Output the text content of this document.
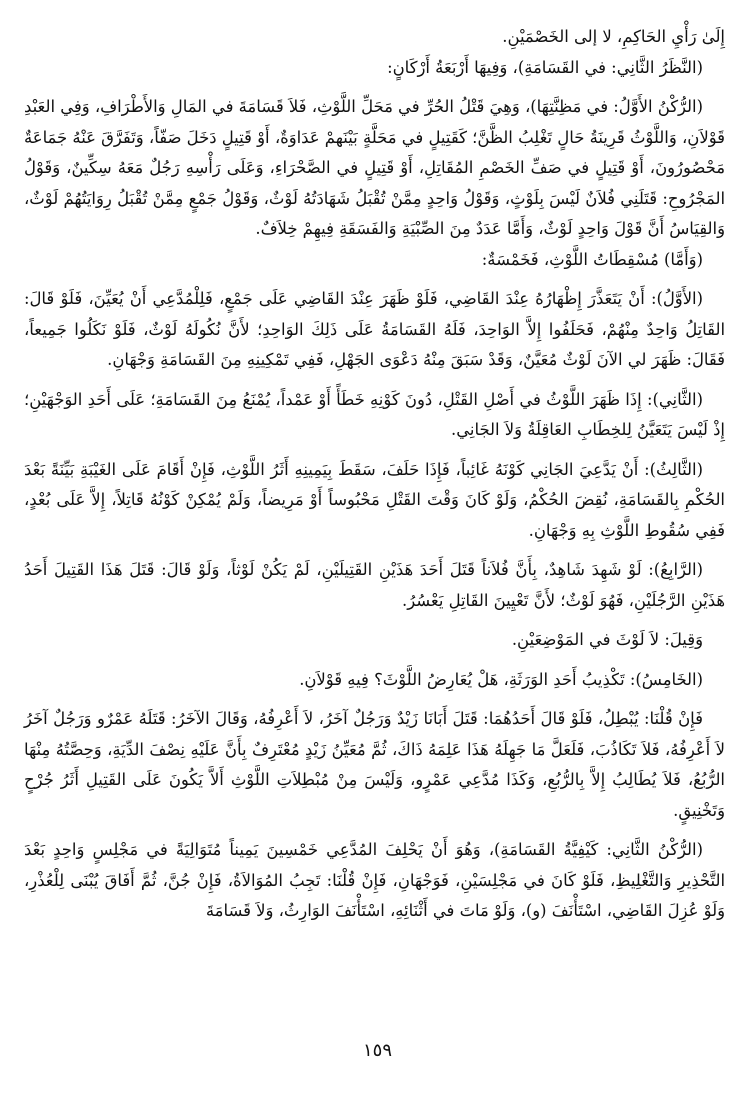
إِلَىٰ رَأْيِ الحَاكِمِ، لا إلى الخَصْمَيْنِ.

(النَّظَرُ الثَّانِي: في القَسَامَةِ)، وَفِيهَا أَرْبَعَةُ أَرْكَانٍ:

(الرُّكْنُ الأَوَّلُ: في مَظِنَّتِهَا)، وَهِيَ قَتْلُ الحُرِّ في مَحَلِّ اللَّوْثِ، فَلاَ قَسَامَةَ في المَالِ وَالأَطْرَافِ، وَفِي العَبْدِ قَوْلاَنِ، وَاللَّوْثُ قَرِينَةُ حَالٍ تَغْلِبُ الظَّنَّ؛ كَقَتِيلٍ في مَحَلَّةٍ بَيْنَهمْ عَدَاوَةٌ، أَوْ قَتِيلٍ دَخَلَ صَفّاً، وَتَفَرَّقَ عَنْهُ جَمَاعَةٌ مَحْصُورُونَ، أَوْ قَتِيلٍ في صَفِّ الخَصْمِ المُقَاتِلِ، أَوْ قَتِيلٍ في الصَّحْرَاءِ، وَعَلَى رَأْسِهِ رَجُلٌ مَعَهُ سِكِّينٌ، وَقَوْلُ المَجْرُوحِ: قَتَلَنِي فُلاَنٌ لَيْسَ بِلَوْثٍ، وَقَوْلُ وَاحِدٍ مِمَّنْ تُقْبَلُ شَهَادَتُهُ لَوْثٌ، وَقَوْلُ جَمْعٍ مِمَّنْ تُقْبَلُ رِوَايَتُهُمْ لَوْثٌ، وَالقِيَاسُ أَنَّ قَوْلَ وَاحِدٍ لَوْثٌ، وَأَمَّا عَدَدٌ مِنَ الصِّبْيَةِ وَالفَسَقَةِ فِيهِمْ خِلاَفٌ.

(وَأَمَّا) مُسْقِطَاتُ اللَّوْثِ، فَخَمْسَةٌ:

(الأَوَّلُ): أَنْ يَتَعَذَّرَ إِظْهَارُهُ عِنْدَ القَاضِي، فَلَوْ ظَهَرَ عِنْدَ القَاضِي عَلَى جَمْعٍ، فَلِلْمُدَّعِي أَنْ يُعَيِّنَ، فَلَوْ قَالَ: القَاتِلُ وَاحِدٌ مِنْهُمْ، فَحَلَفُوا إِلاَّ الوَاحِدَ، فَلَهُ القَسَامَةُ عَلَى ذَلِكَ الوَاحِدِ؛ لأَنَّ نُكُولَهُ لَوْثٌ، فَلَوْ نَكَلُوا جَمِيعاً، فَقَالَ: ظَهَرَ لي الآنَ لَوْثٌ مُعَيَّنٌ، وَقَدْ سَبَقَ مِنْهُ دَعْوَى الجَهْلِ، فَفِي تَمْكِينِهِ مِنَ القَسَامَةِ وَجْهَانِ.

(الثَّانِي): إِذَا ظَهَرَ اللَّوْثُ في أَصْلِ القَتْلِ، دُونَ كَوْنِهِ خَطَأً أَوْ عَمْداً، يُمْنَعُ مِنَ القَسَامَةِ؛ عَلَى أَحَدِ الوَجْهَيْنِ؛ إِذْ لَيْسَ يَتَعَيَّنُ لِلخِطَابِ العَاقِلَةُ وَلاَ الجَانِي.

(الثَّالِثُ): أَنْ يَدَّعِيَ الجَانِي كَوْنَهُ غَائِباً، فَإِذَا حَلَفَ، سَقَطَ بِيَمِينِهِ أَثَرُ اللَّوْثِ، فَإِنْ أَقَامَ عَلَى الغَيْبَةِ بَيِّنَةً بَعْدَ الحُكْمِ بِالقَسَامَةِ، نُقِضَ الحُكْمُ، وَلَوْ كَانَ وَقْتَ القَتْلِ مَحْبُوساً أَوْ مَرِيضاً، وَلَمْ يُمْكِنْ كَوْنُهُ قَاتِلاً، إِلاَّ عَلَى بُعْدٍ، فَفِي سُقُوطِ اللَّوْثِ بِهِ وَجْهَانِ.

(الرَّابِعُ): لَوْ شَهِدَ شَاهِدٌ، بِأَنَّ فُلاَناً قَتَلَ أَحَدَ هَذَيْنِ القَتِيلَيْنِ، لَمْ يَكُنْ لَوْثاً، وَلَوْ قَالَ: قَتَلَ هَذَا القَتِيلَ أَحَدُ هَذَيْنِ الرَّجُلَيْنِ، فَهُوَ لَوْثٌ؛ لأَنَّ تَعْيِينَ القَاتِلِ يَعْسُرُ.

وَقِيلَ: لاَ لَوْثَ في المَوْضِعَيْنِ.

(الخَامِسُ): تَكْذِيبُ أَحَدِ الوَرَثَةِ، هَلْ يُعَارِضُ اللَّوْثَ؟ فِيهِ قَوْلاَنِ.

فَإِنْ قُلْنَا: يُبْطِلُ، فَلَوْ قَالَ أَحَدُهُمَا: قَتَلَ أَبَانَا زَيْدٌ وَرَجُلٌ آخَرُ، لاَ أَعْرِفُهُ، وَقَالَ الآخَرُ: قَتَلَهُ عَمْرٌو وَرَجُلٌ آخَرُ لاَ أَعْرِفُهُ، فَلاَ تَكَاذُبَ، فَلَعَلَّ مَا جَهِلَهُ هَذَا عَلِمَهُ ذَاكَ، ثُمَّ مُعَيِّنُ زَيْدٍ مُعْتَرِفٌ بِأَنَّ عَلَيْهِ نِصْفَ الدِّيَةِ، وَحِصَّتُهُ مِنْهَا الرُّبُعُ، فَلاَ يُطَالِبُ إِلاَّ بِالرُّبُعِ، وَكَذَا مُدَّعِي عَمْرٍو، وَلَيْسَ مِنْ مُبْطِلاَتِ اللَّوْثِ أَلاَّ يَكُونَ عَلَى القَتِيلِ أَثَرُ جُرْحٍ وَتَخْنِيقٍ.

(الرُّكْنُ الثَّانِي: كَيْفِيَّةُ القَسَامَةِ)، وَهُوَ أَنْ يَحْلِفَ المُدَّعِي خَمْسِينَ يَمِيناً مُتَوَالِيَةً في مَجْلِسٍ وَاحِدٍ بَعْدَ التَّحْذِيرِ وَالتَّغْلِيظِ، فَلَوْ كَانَ في مَجْلِسَيْنِ، فَوَجْهَانِ، فَإِنْ قُلْنَا: تَجِبُ المُوَالاَةُ، فَإِنْ جُنَّ، ثُمَّ أَفَاقَ يُبْنَى لِلْعُذْرِ، وَلَوْ عُزِلَ القَاضِي، اسْتَأْنَفَ (و)، وَلَوْ مَاتَ في أَثْنَائِهِ، اسْتَأْنَفَ الوَارِثُ، وَلاَ قَسَامَةَ

١٥٩
